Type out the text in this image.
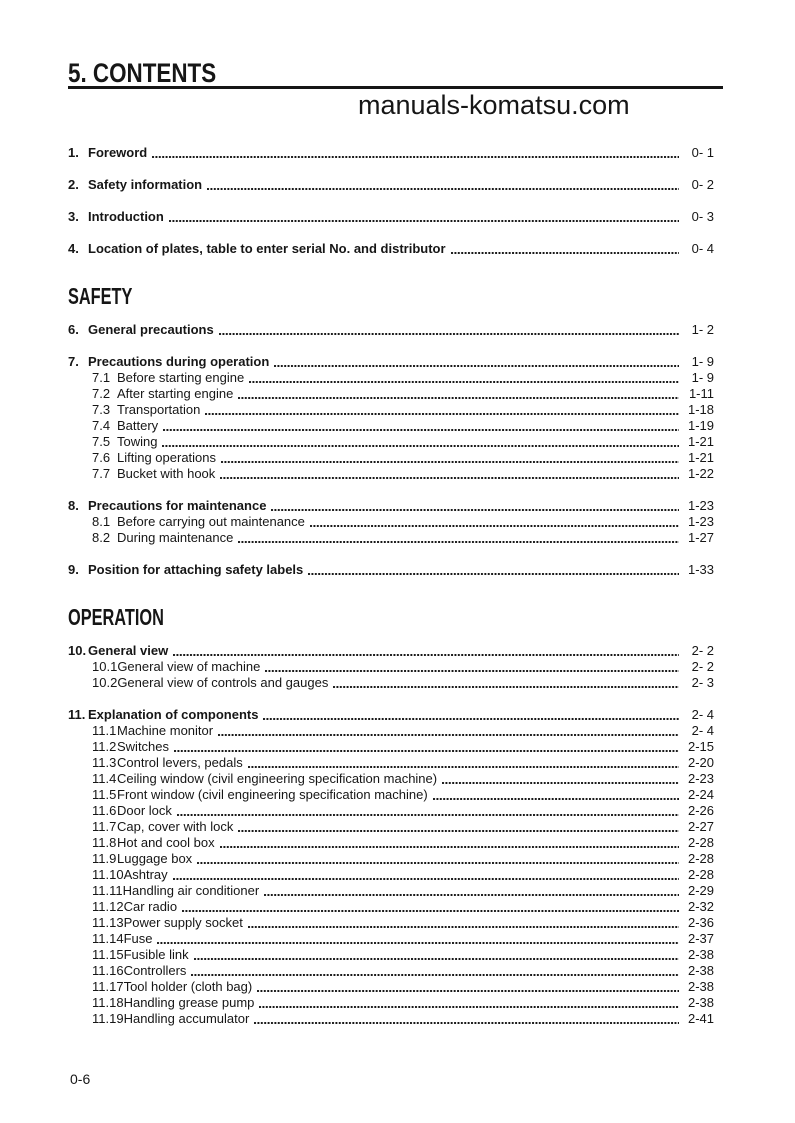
5. CONTENTS
manuals-komatsu.com
1. Foreword	0- 1
2. Safety information	0- 2
3. Introduction	0- 3
4. Location of plates, table to enter serial No. and distributor	0- 4
SAFETY
6. General precautions	1- 2
7. Precautions during operation	1- 9
7.1 Before starting engine	1- 9
7.2 After starting engine	1-11
7.3 Transportation	1-18
7.4 Battery	1-19
7.5 Towing	1-21
7.6 Lifting operations	1-21
7.7 Bucket with hook	1-22
8. Precautions for maintenance	1-23
8.1 Before carrying out maintenance	1-23
8.2 During maintenance	1-27
9. Position for attaching safety labels	1-33
OPERATION
10. General view	2- 2
10.1 General view of machine	2- 2
10.2 General view of controls and gauges	2- 3
11. Explanation of components	2- 4
11.1 Machine monitor	2- 4
11.2 Switches	2-15
11.3 Control levers, pedals	2-20
11.4 Ceiling window (civil engineering specification machine)	2-23
11.5 Front window (civil engineering specification machine)	2-24
11.6 Door lock	2-26
11.7 Cap, cover with lock	2-27
11.8 Hot and cool box	2-28
11.9 Luggage box	2-28
11.10 Ashtray	2-28
11.11 Handling air conditioner	2-29
11.12 Car radio	2-32
11.13 Power supply socket	2-36
11.14 Fuse	2-37
11.15 Fusible link	2-38
11.16 Controllers	2-38
11.17 Tool holder (cloth bag)	2-38
11.18 Handling grease pump	2-38
11.19 Handling accumulator	2-41
0-6
